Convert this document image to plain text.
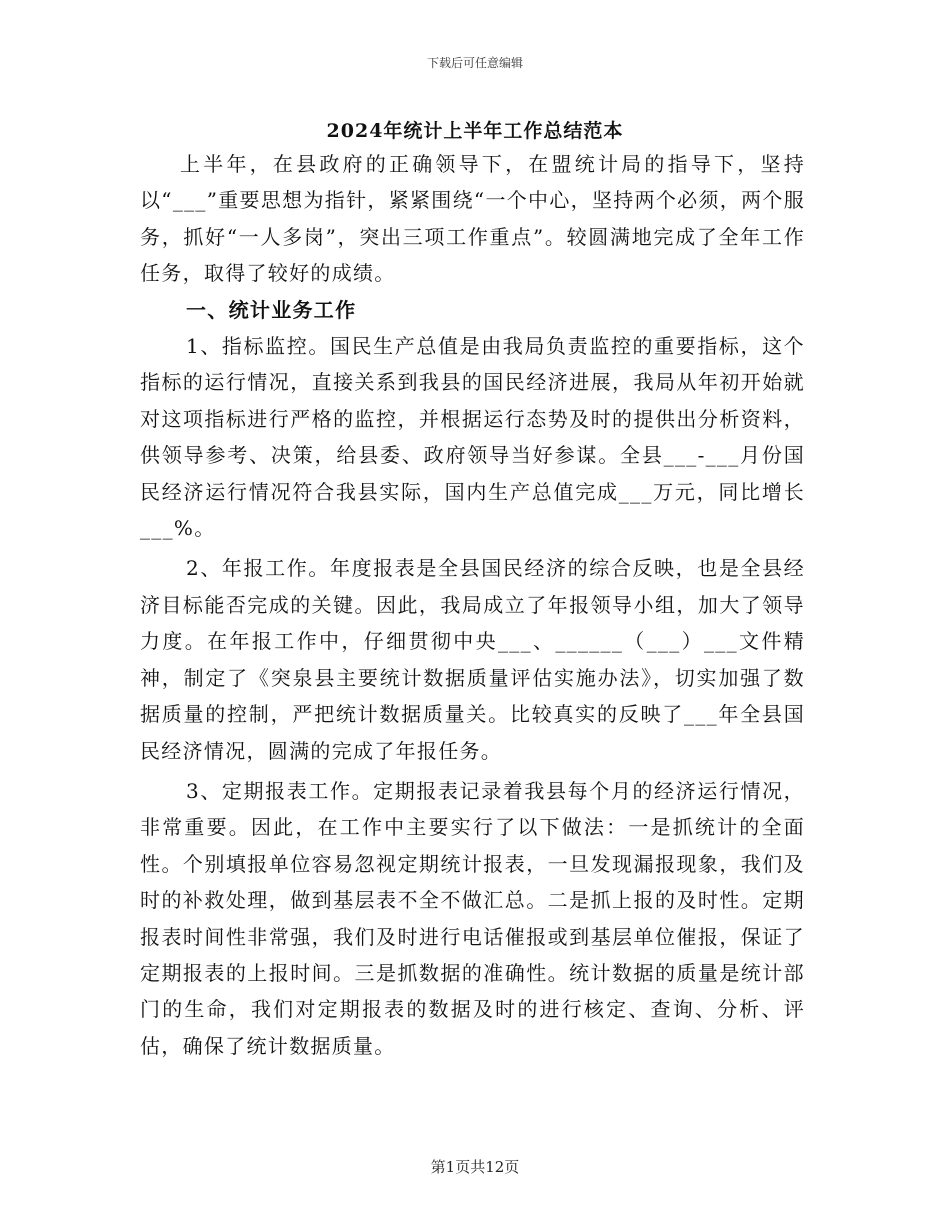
下载后可任意编辑
2024年统计上半年工作总结范本

上半年，在县政府的正确领导下，在盟统计局的指导下，坚持以“___”重要思想为指针，紧紧围绕“一个中心，坚持两个必须，两个服务，抓好“一人多岗”，突出三项工作重点”。较圆满地完成了全年工作任务，取得了较好的成绩。

一、统计业务工作

1、指标监控。国民生产总值是由我局负责监控的重要指标，这个指标的运行情况，直接关系到我县的国民经济进展，我局从年初开始就对这项指标进行严格的监控，并根据运行态势及时的提供出分析资料，供领导参考、决策，给县委、政府领导当好参谋。全县___-___月份国民经济运行情况符合我县实际，国内生产总值完成___万元，同比增长___%。

2、年报工作。年度报表是全县国民经济的综合反映，也是全县经济目标能否完成的关键。因此，我局成立了年报领导小组，加大了领导力度。在年报工作中，仔细贯彻中央___、______（___）___文件精神，制定了《突泉县主要统计数据质量评估实施办法》，切实加强了数据质量的控制，严把统计数据质量关。比较真实的反映了___年全县国民经济情况，圆满的完成了年报任务。

3、定期报表工作。定期报表记录着我县每个月的经济运行情况，非常重要。因此，在工作中主要实行了以下做法：一是抓统计的全面性。个别填报单位容易忽视定期统计报表，一旦发现漏报现象，我们及时的补救处理，做到基层表不全不做汇总。二是抓上报的及时性。定期报表时间性非常强，我们及时进行电话催报或到基层单位催报，保证了定期报表的上报时间。三是抓数据的准确性。统计数据的质量是统计部门的生命，我们对定期报表的数据及时的进行核定、查询、分析、评估，确保了统计数据质量。

第1页共12页
